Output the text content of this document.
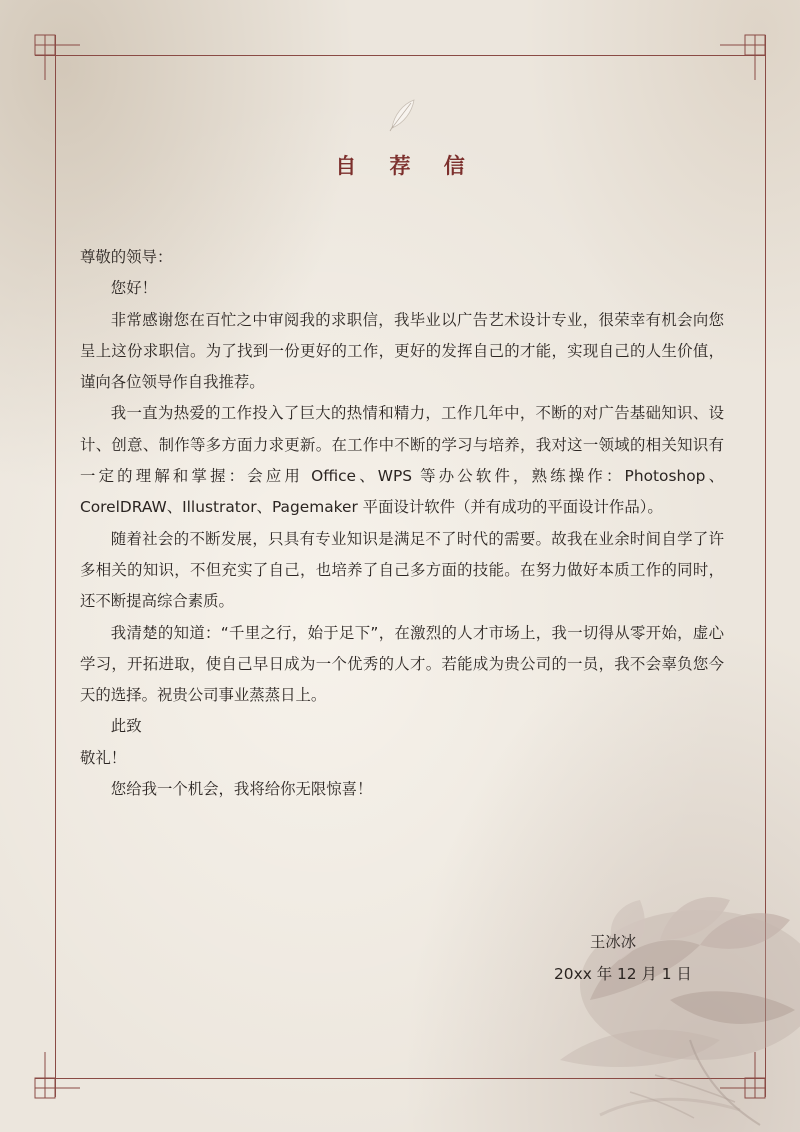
自 荐 信

尊敬的领导：

您好！

非常感谢您在百忙之中审阅我的求职信，我毕业以广告艺术设计专业，很荣幸有机会向您呈上这份求职信。为了找到一份更好的工作，更好的发挥自己的才能，实现自己的人生价值，谨向各位领导作自我推荐。

我一直为热爱的工作投入了巨大的热情和精力，工作几年中，不断的对广告基础知识、设计、创意、制作等多方面力求更新。在工作中不断的学习与培养，我对这一领域的相关知识有一定的理解和掌握：会应用 Office、WPS 等办公软件，熟练操作：Photoshop、CorelDRAW、Illustrator、Pagemaker 平面设计软件（并有成功的平面设计作品）。

随着社会的不断发展，只具有专业知识是满足不了时代的需要。故我在业余时间自学了许多相关的知识，不但充实了自己，也培养了自己多方面的技能。在努力做好本质工作的同时，还不断提高综合素质。

我清楚的知道：“千里之行，始于足下”，在激烈的人才市场上，我一切得从零开始，虚心学习，开拓进取，使自己早日成为一个优秀的人才。若能成为贵公司的一员，我不会辜负您今天的选择。祝贵公司事业蒸蒸日上。

此致

敬礼！

您给我一个机会，我将给你无限惊喜！

王冰冰
20xx 年 12 月 1 日
